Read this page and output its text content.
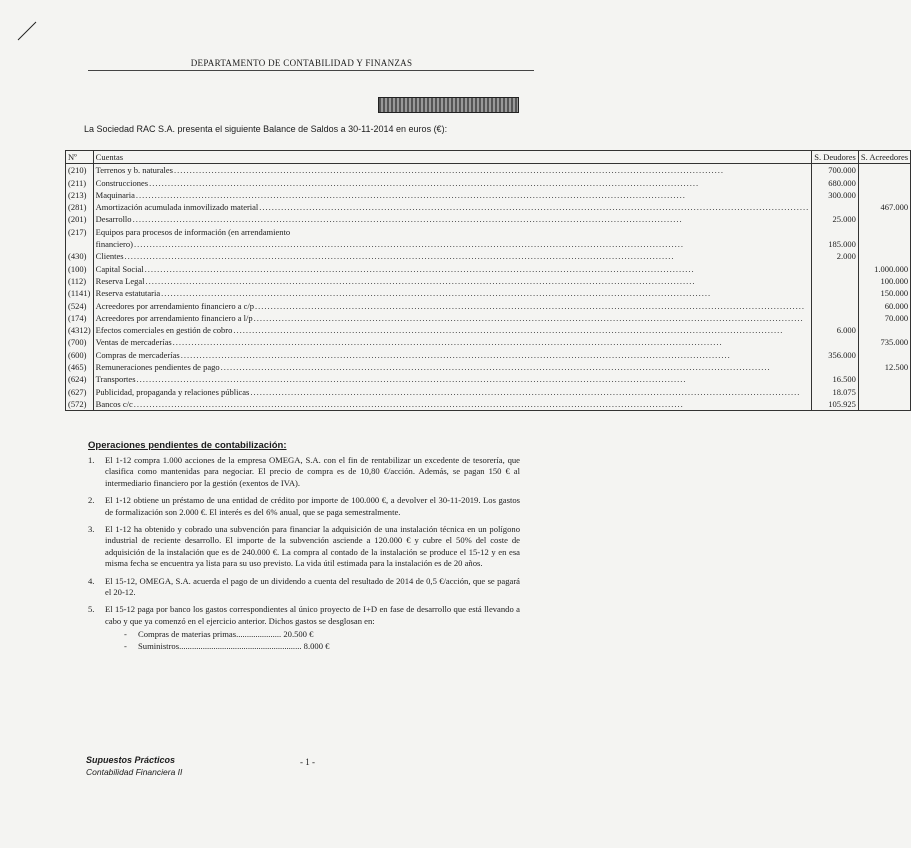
DEPARTAMENTO DE CONTABILIDAD Y FINANZAS
La Sociedad RAC S.A. presenta el siguiente Balance de Saldos a 30-11-2014 en euros (€):
Nº	Cuentas	S. Deudores	S. Acreedores
(210)	Terrenos y b. naturales .....	700.000	
(211)	Construcciones .....	680.000	
(213)	Maquinaria .....	300.000	
(281)	Amortización acumulada inmovilizado material .....		467.000
(201)	Desarrollo .....	25.000	
(217)	Equipos para procesos de información (en arrendamiento		

	financiero) .....	185.000	
(430)	Clientes .....	2.000	
(100)	Capital Social .....		1.000.000
(112)	Reserva Legal .....		100.000
(1141)	Reserva estatutaria .....		150.000
(524)	Acreedores por arrendamiento financiero a c/p .....		60.000
(174)	Acreedores por arrendamiento financiero a l/p .....		70.000
(4312)	Efectos comerciales en gestión de cobro .....	6.000	
(700)	Ventas de mercaderías .....		735.000
(600)	Compras de mercaderías .....	356.000	
(465)	Remuneraciones pendientes de pago .....		12.500
(624)	Transportes .....	16.500	
(627)	Publicidad, propaganda y relaciones públicas .....	18.075	
(572)	Bancos c/c .....	105.925	
Operaciones pendientes de contabilización:
1. El 1-12 compra 1.000 acciones de la empresa OMEGA, S.A. con el fin de rentabilizar un excedente de tesorería, que clasifica como mantenidas para negociar. El precio de compra es de 10,80 €/acción. Además, se pagan 150 € al intermediario financiero por la gestión (exentos de IVA).
2. El 1-12 obtiene un préstamo de una entidad de crédito por importe de 100.000 €, a devolver el 30-11-2019. Los gastos de formalización son 2.000 €. El interés es del 6% anual, que se paga semestralmente.
3. El 1-12 ha obtenido y cobrado una subvención para financiar la adquisición de una instalación técnica en un polígono industrial de reciente desarrollo. El importe de la subvención asciende a 120.000 € y cubre el 50% del coste de adquisición de la instalación que es de 240.000 €. La compra al contado de la instalación se produce el 15-12 y en esa misma fecha se encuentra ya lista para su uso previsto. La vida útil estimada para la instalación es de 20 años.
4. El 15-12, OMEGA, S.A. acuerda el pago de un dividendo a cuenta del resultado de 2014 de 0,5 €/acción, que se pagará el 20-12.
5. El 15-12 paga por banco los gastos correspondientes al único proyecto de I+D en fase de desarrollo que está llevando a cabo y que ya comenzó en el ejercicio anterior. Dichos gastos se desglosan en:
- Compras de materias primas..................... 20.500 €
- Suministros......................................................... 8.000 €
Supuestos Prácticos
Contabilidad Financiera II
- 1 -
